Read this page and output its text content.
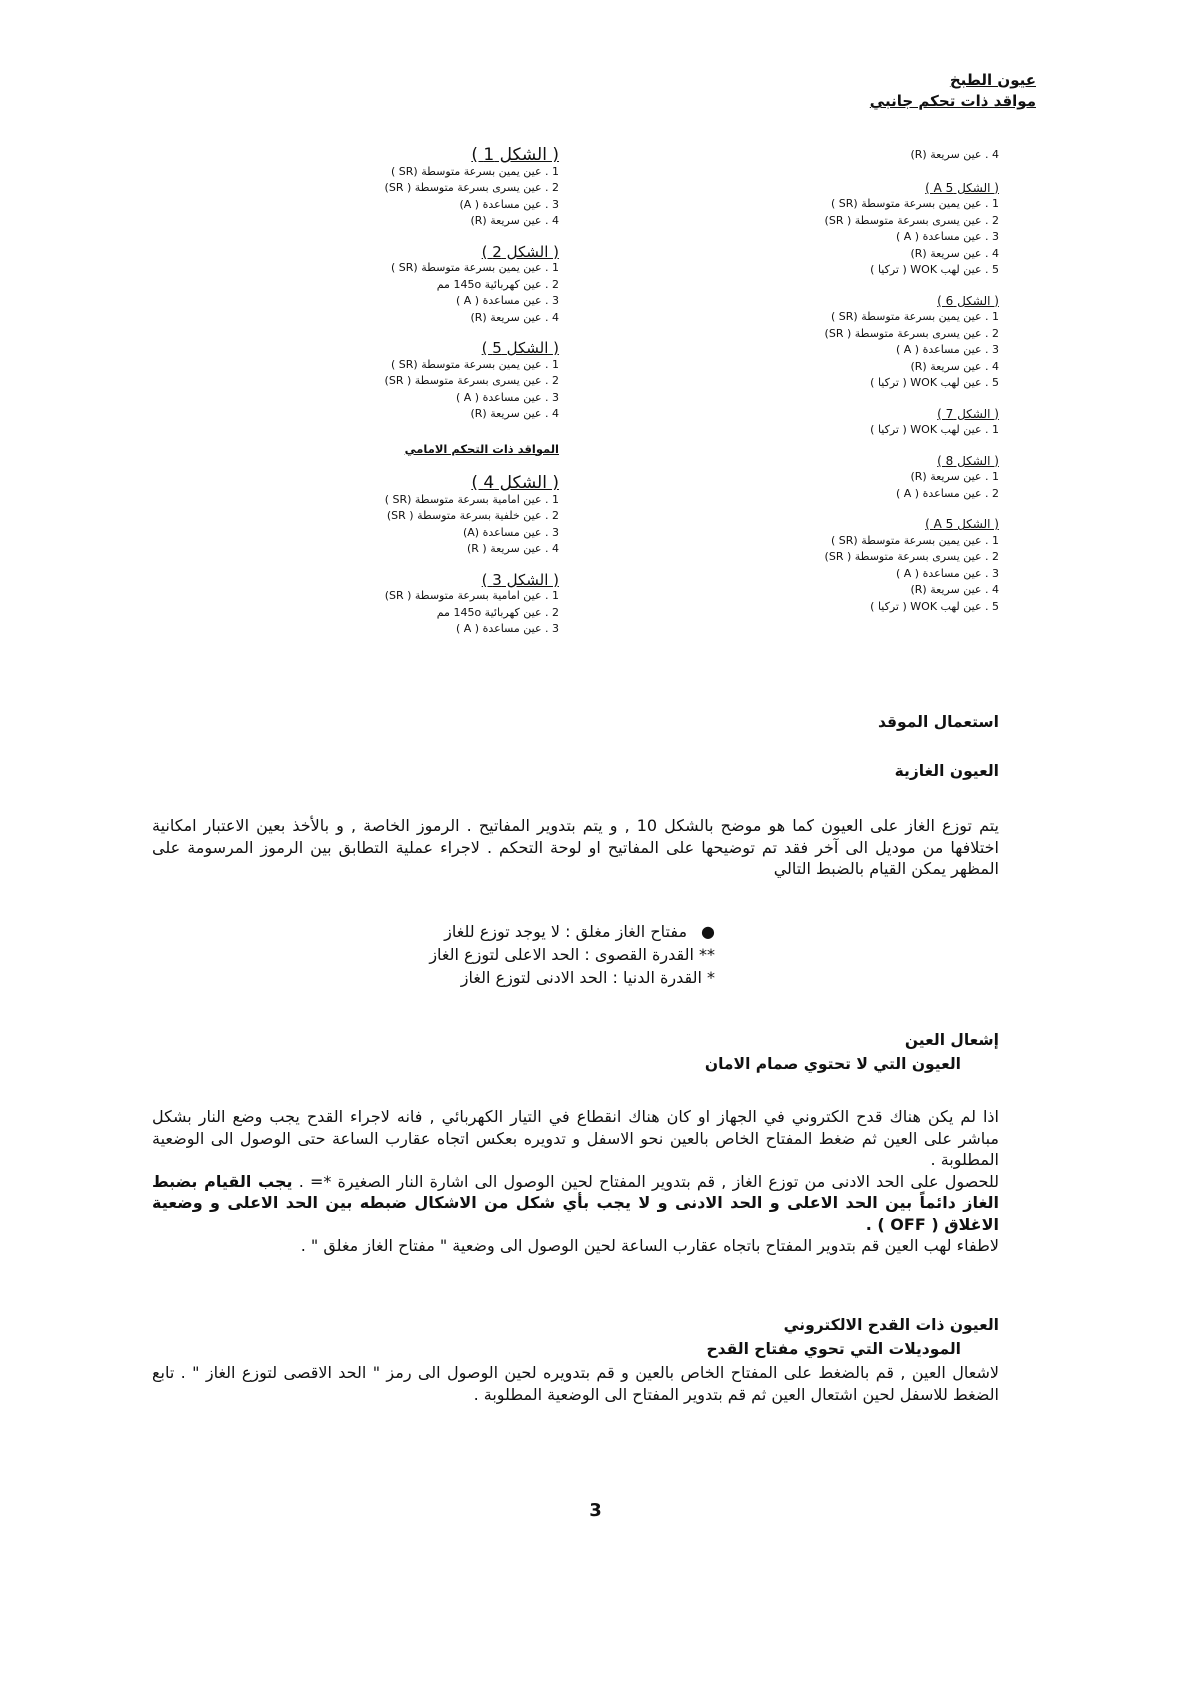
عيون الطبخ
مواقد ذات تحكم جانبي
4 . عين سريعة (R)
( الشكل A 5 )
1 . عين يمين بسرعة متوسطة (SR )
2 . عين يسرى بسرعة متوسطة ( SR)
3 . عين مساعدة ( A )
4 . عين سريعة (R)
5 . عين لهب WOK ( تركيا )
( الشكل 6 )
1 . عين يمين بسرعة متوسطة (SR )
2 . عين يسرى بسرعة متوسطة ( SR)
3 . عين مساعدة ( A )
4 . عين سريعة (R)
5 . عين لهب WOK ( تركيا )
( الشكل 7 )
1 . عين لهب WOK ( تركيا )
( الشكل 8 )
1 . عين سريعة (R)
2 . عين مساعدة ( A )
( الشكل A 5 )
1 . عين يمين بسرعة متوسطة (SR )
2 . عين يسرى بسرعة متوسطة ( SR)
3 . عين مساعدة ( A )
4 . عين سريعة (R)
5 . عين لهب WOK ( تركيا )
( الشكل 1 )
1 . عين يمين بسرعة متوسطة (SR )
2 . عين يسرى بسرعة متوسطة ( SR)
3 . عين مساعدة ( A)
4 . عين سريعة (R)
( الشكل 2 )
1 . عين يمين بسرعة متوسطة (SR )
2 . عين كهربائية 145o مم
3 . عين مساعدة ( A )
4 . عين سريعة (R)
( الشكل 5 )
1 . عين يمين بسرعة متوسطة (SR )
2 . عين يسرى بسرعة متوسطة ( SR)
3 . عين مساعدة ( A )
4 . عين سريعة (R)
المواقد ذات التحكم الامامي
( الشكل 4 )
1 . عين امامية بسرعة متوسطة (SR )
2 . عين خلفية بسرعة متوسطة ( SR)
3 . عين مساعدة (A)
4 . عين سريعة ( R)
( الشكل 3 )
1 . عين امامية بسرعة متوسطة ( SR)
2 . عين كهربائية 145o مم
3 . عين مساعدة ( A )
استعمال الموقد
العيون الغازية
يتم توزع الغاز على العيون كما هو موضح بالشكل 10 , و يتم بتدوير المفاتيح . الرموز الخاصة , و بالأخذ بعين الاعتبار امكانية اختلافها من موديل الى آخر فقد تم توضيحها على المفاتيح او لوحة التحكم . لاجراء عملية التطابق بين الرموز المرسومة على المظهر يمكن القيام بالضبط التالي
●مفتاح الغاز مغلق : لا يوجد توزع للغاز
** القدرة القصوى : الحد الاعلى لتوزع الغاز
* القدرة الدنيا : الحد الادنى لتوزع الغاز
إشعال العين
العيون التي لا تحتوي صمام الامان
اذا لم يكن هناك قدح الكتروني في الجهاز او كان هناك انقطاع في التيار الكهربائي , فانه لاجراء القدح يجب وضع النار بشكل مباشر على العين ثم ضغط المفتاح الخاص بالعين نحو الاسفل و تدويره بعكس اتجاه عقارب الساعة حتى الوصول الى الوضعية المطلوبة .
للحصول على الحد الادنى من توزع الغاز , قم بتدوير المفتاح لحين الوصول الى اشارة النار الصغيرة *= . يجب القيام بضبط الغاز دائماً بين الحد الاعلى و الحد الادنى و لا يجب بأي شكل من الاشكال ضبطه بين الحد الاعلى و وضعية الاغلاق ( OFF ) .
لاطفاء لهب العين قم بتدوير المفتاح باتجاه عقارب الساعة لحين الوصول الى وضعية " مفتاح الغاز مغلق " .
العيون ذات القدح الالكتروني
الموديلات التي تحوي مفتاح القدح
لاشعال العين , قم بالضغط على المفتاح الخاص بالعين و قم بتدويره لحين الوصول الى رمز " الحد الاقصى لتوزع الغاز " . تابع الضغط للاسفل لحين اشتعال العين ثم قم بتدوير المفتاح الى الوضعية المطلوبة .
3
